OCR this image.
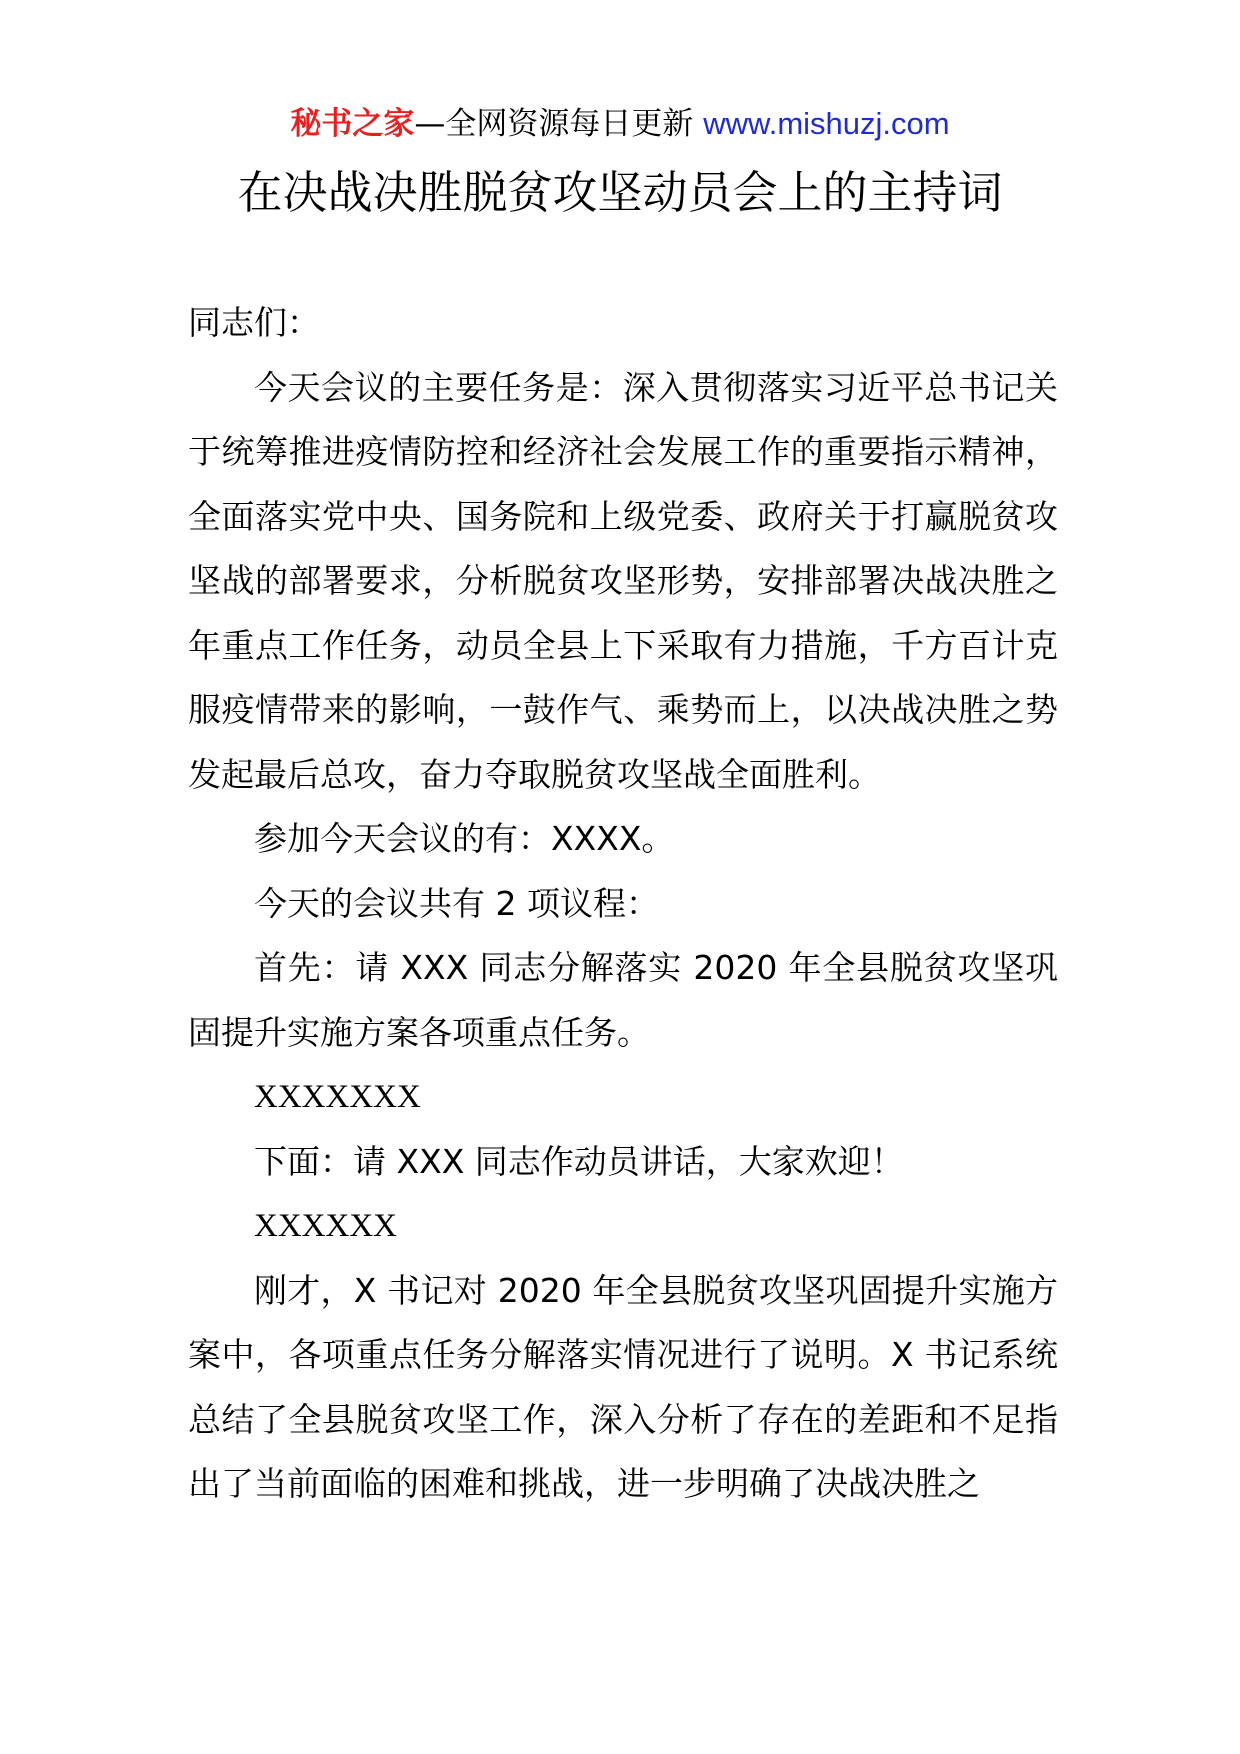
秘书之家—全网资源每日更新 www.mishuzj.com
在决战决胜脱贫攻坚动员会上的主持词

同志们：

今天会议的主要任务是：深入贯彻落实习近平总书记关于统筹推进疫情防控和经济社会发展工作的重要指示精神，全面落实党中央、国务院和上级党委、政府关于打赢脱贫攻坚战的部署要求，分析脱贫攻坚形势，安排部署决战决胜之年重点工作任务，动员全县上下采取有力措施，千方百计克服疫情带来的影响，一鼓作气、乘势而上，以决战决胜之势发起最后总攻，奋力夺取脱贫攻坚战全面胜利。

参加今天会议的有：XXXX。

今天的会议共有 2 项议程：

首先：请 XXX 同志分解落实 2020 年全县脱贫攻坚巩固提升实施方案各项重点任务。

XXXXXXX

下面：请 XXX 同志作动员讲话，大家欢迎！

XXXXXX

刚才，X 书记对 2020 年全县脱贫攻坚巩固提升实施方案中，各项重点任务分解落实情况进行了说明。X 书记系统总结了全县脱贫攻坚工作，深入分析了存在的差距和不足指出了当前面临的困难和挑战，进一步明确了决战决胜之
